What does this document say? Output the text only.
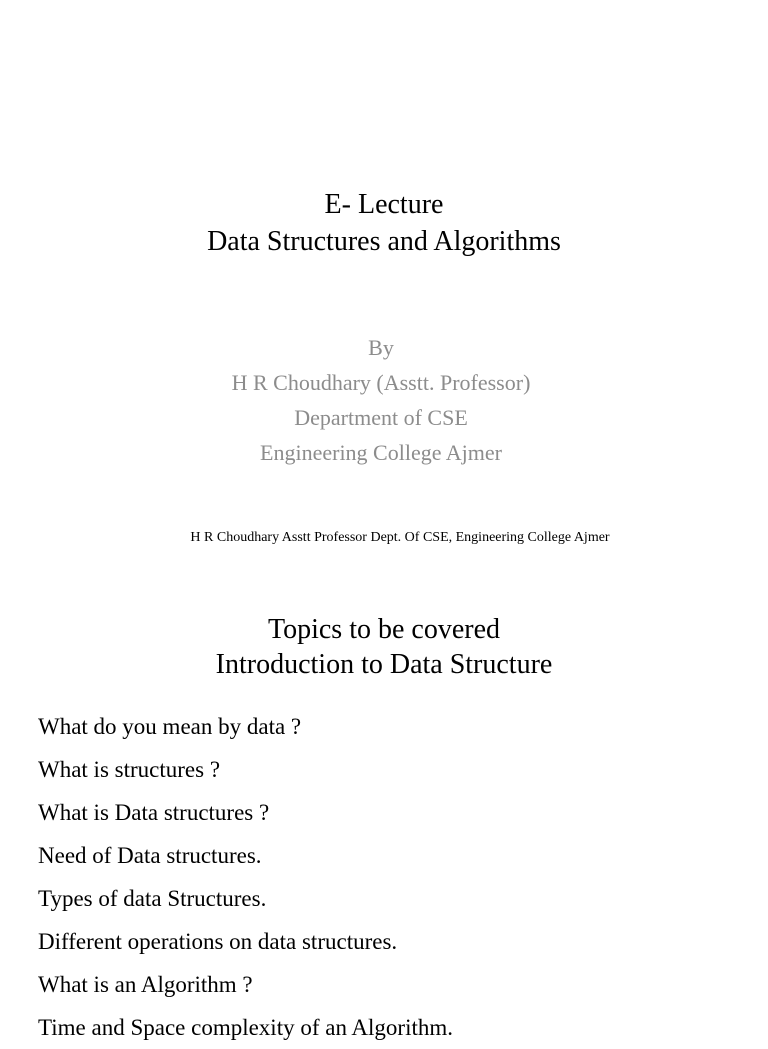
E- Lecture
Data Structures and Algorithms
By
H R Choudhary (Asstt. Professor)
Department of CSE
Engineering College Ajmer
H R Choudhary Asstt Professor Dept. Of CSE, Engineering College Ajmer
Topics to be covered
Introduction to Data Structure
What do you mean by data ?
What is structures ?
What is Data structures ?
Need of Data structures.
Types of data Structures.
Different operations on data structures.
What is an Algorithm ?
Time and Space complexity of an Algorithm.
